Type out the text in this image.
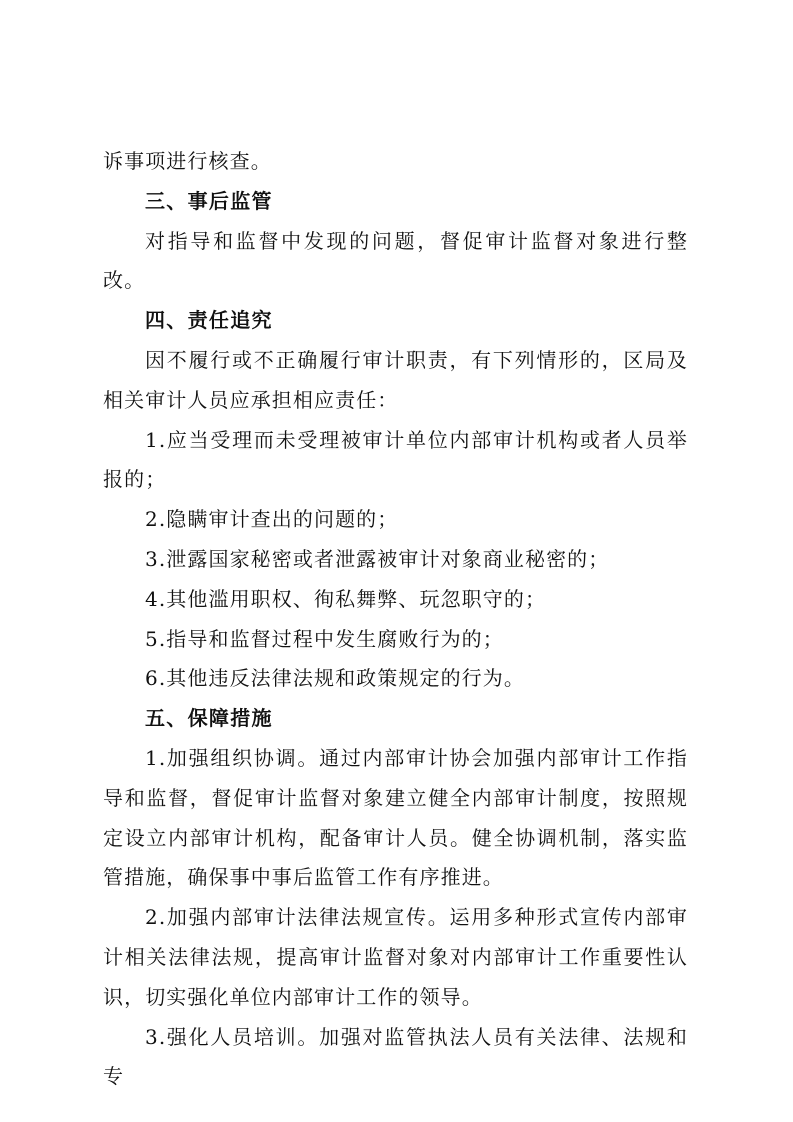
诉事项进行核查。

三、事后监管

对指导和监督中发现的问题，督促审计监督对象进行整改。

四、责任追究

因不履行或不正确履行审计职责，有下列情形的，区局及相关审计人员应承担相应责任：

1.应当受理而未受理被审计单位内部审计机构或者人员举报的；

2.隐瞒审计查出的问题的；

3.泄露国家秘密或者泄露被审计对象商业秘密的；

4.其他滥用职权、徇私舞弊、玩忽职守的；

5.指导和监督过程中发生腐败行为的；

6.其他违反法律法规和政策规定的行为。

五、保障措施

1.加强组织协调。通过内部审计协会加强内部审计工作指导和监督，督促审计监督对象建立健全内部审计制度，按照规定设立内部审计机构，配备审计人员。健全协调机制，落实监管措施，确保事中事后监管工作有序推进。

2.加强内部审计法律法规宣传。运用多种形式宣传内部审计相关法律法规，提高审计监督对象对内部审计工作重要性认识，切实强化单位内部审计工作的领导。

3.强化人员培训。加强对监管执法人员有关法律、法规和专
